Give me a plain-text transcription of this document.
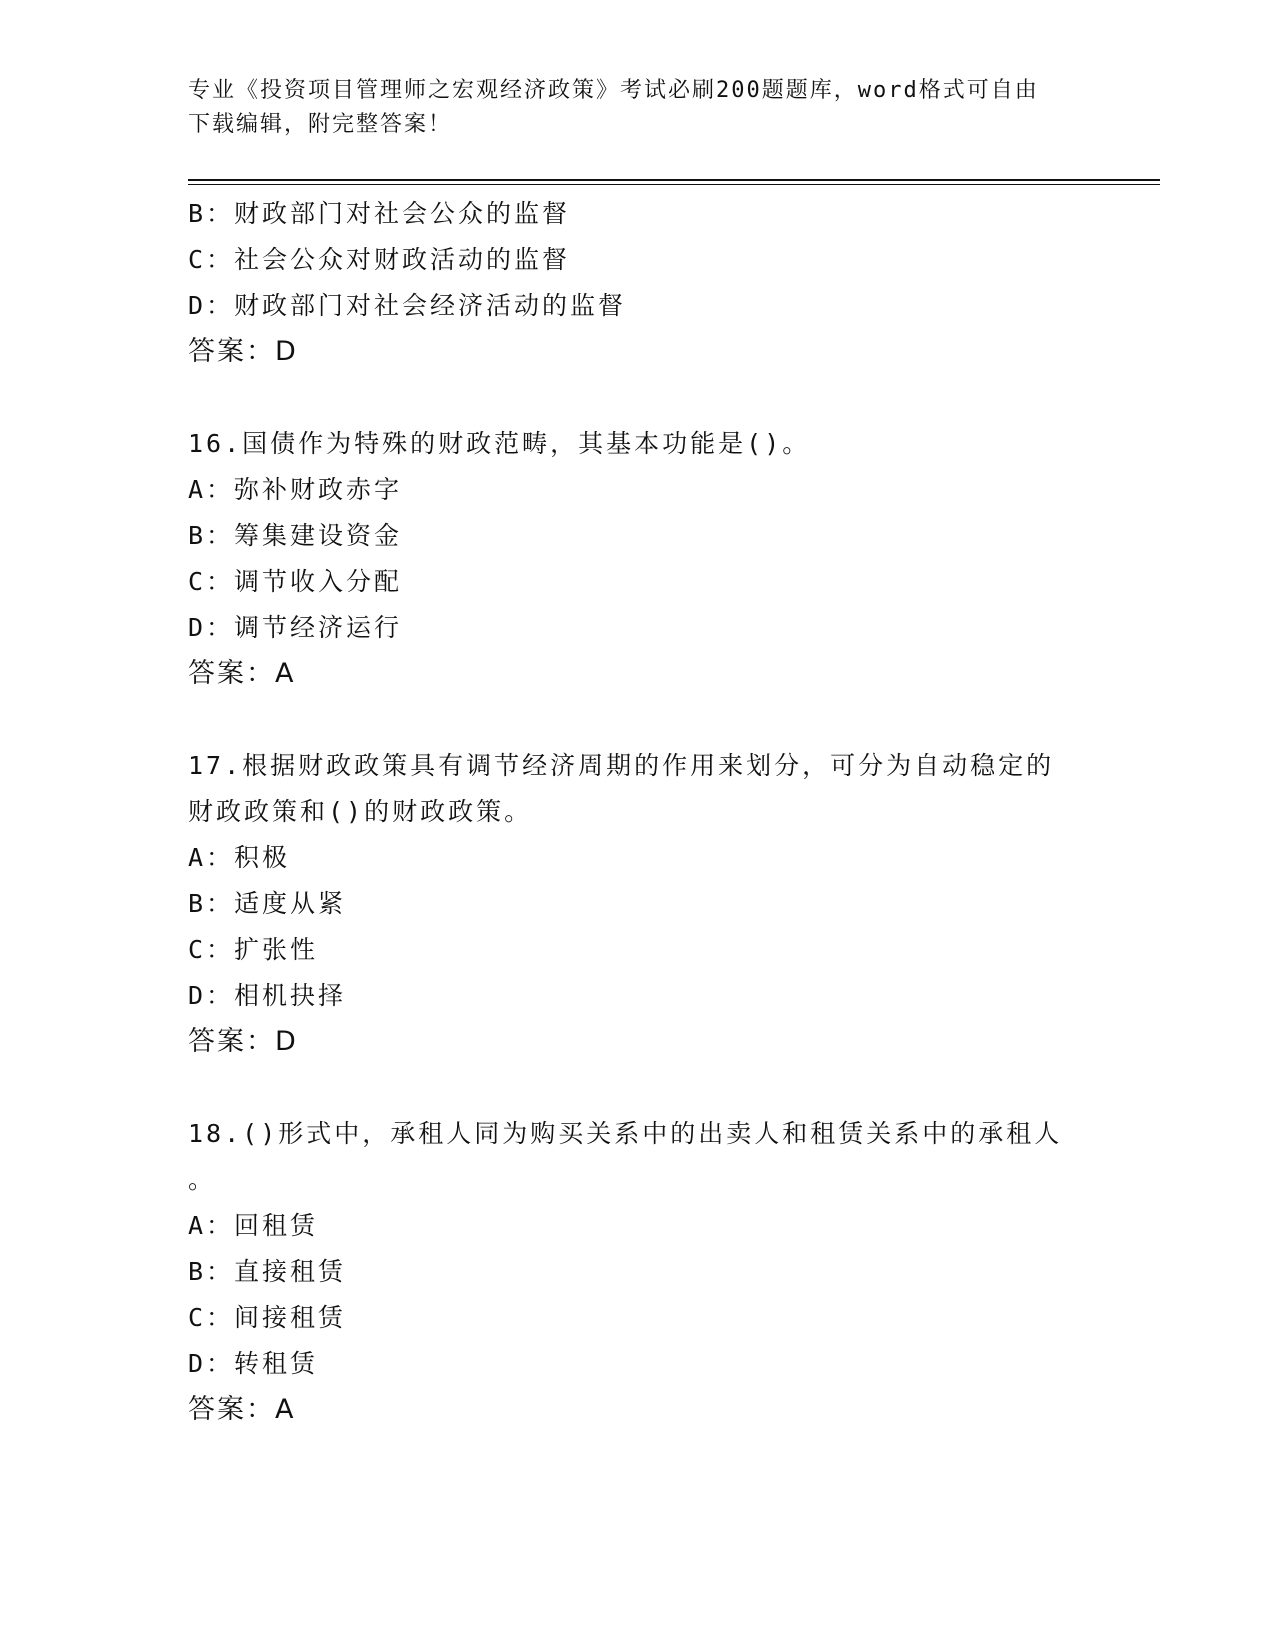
专业《投资项目管理师之宏观经济政策》考试必刷200题题库，word格式可自由
下载编辑，附完整答案！
B：财政部门对社会公众的监督
C：社会公众对财政活动的监督
D：财政部门对社会经济活动的监督
答案：D
16.国债作为特殊的财政范畴，其基本功能是()。
A：弥补财政赤字
B：筹集建设资金
C：调节收入分配
D：调节经济运行
答案：A
17.根据财政政策具有调节经济周期的作用来划分，可分为自动稳定的
财政政策和()的财政政策。
A：积极
B：适度从紧
C：扩张性
D：相机抉择
答案：D
18.()形式中，承租人同为购买关系中的出卖人和租赁关系中的承租人
。
A：回租赁
B：直接租赁
C：间接租赁
D：转租赁
答案：A
